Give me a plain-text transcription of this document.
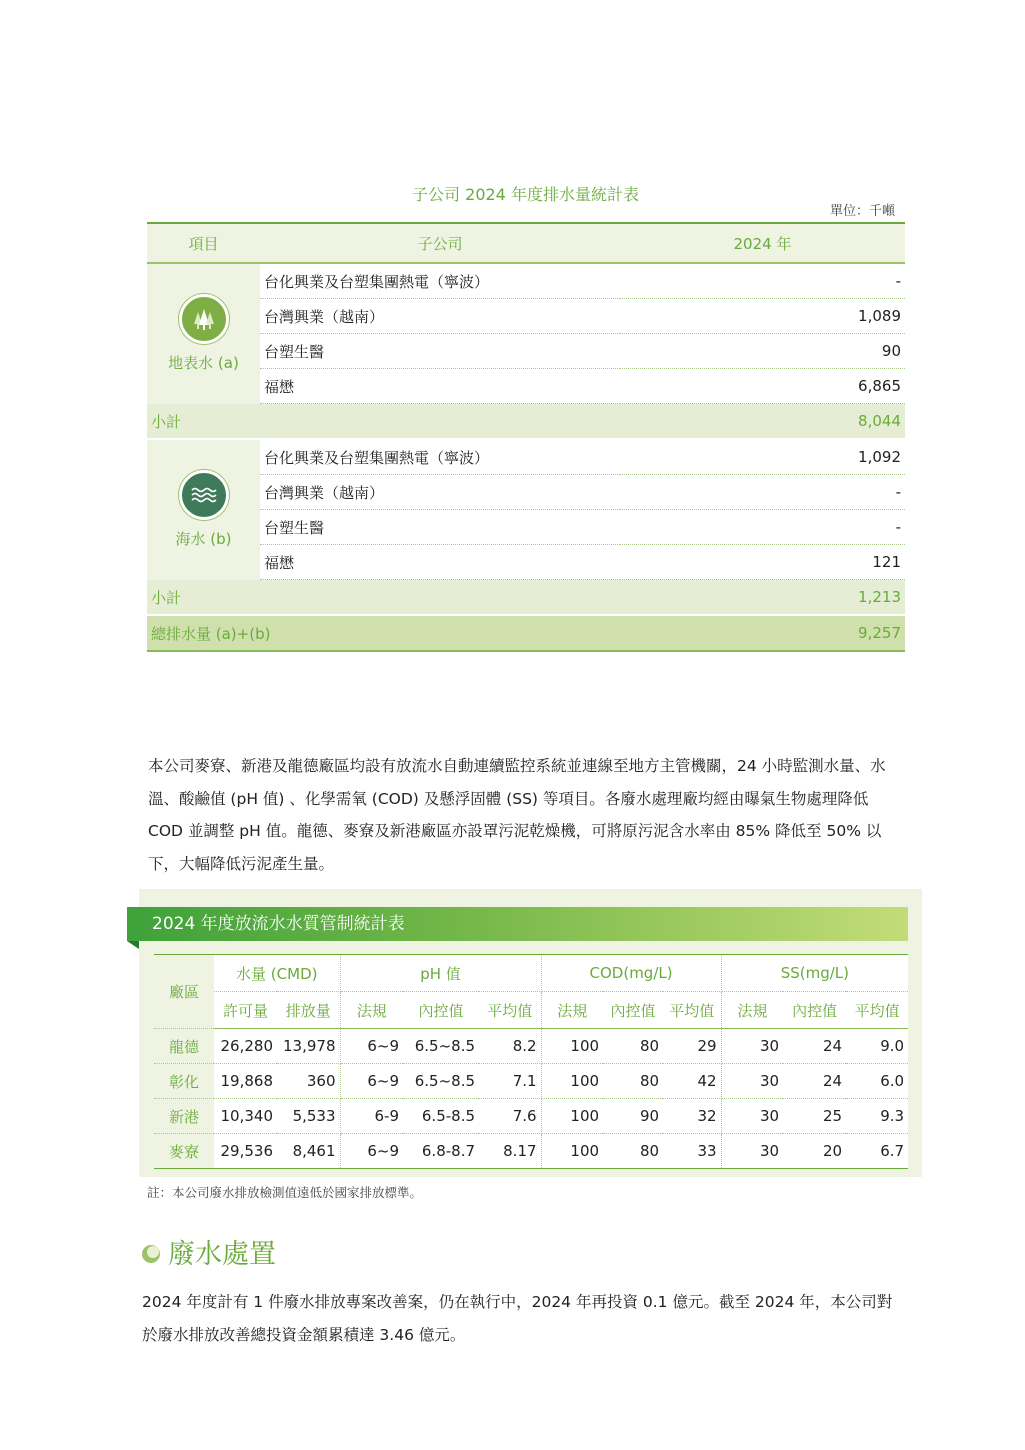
子公司 2024 年度排水量統計表
單位：千噸
項目	子公司	2024 年

地表水 (a)	台化興業及台塑集團熱電（寧波）	-
	台灣興業（越南）	1,089
	台塑生醫	90
	福懋	6,865
小計		8,044

海水 (b)	台化興業及台塑集團熱電（寧波）	1,092
	台灣興業（越南）	-
	台塑生醫	-
	福懋	121
小計		1,213
總排水量 (a)+(b)		9,257
本公司麥寮、新港及龍德廠區均設有放流水自動連續監控系統並連線至地方主管機關，24 小時監測水量、水溫、酸鹼值 (pH 值) 、化學需氧 (COD) 及懸浮固體 (SS) 等項目。各廢水處理廠均經由曝氣生物處理降低 COD 並調整 pH 值。龍德、麥寮及新港廠區亦設罩污泥乾燥機，可將原污泥含水率由 85% 降低至 50% 以下，大幅降低污泥產生量。
2024 年度放流水水質管制統計表
廠區	水量 (CMD)		pH 值			COD(mg/L)			SS(mg/L)		
	許可量	排放量	法規	內控值	平均值	法規	內控值	平均值	法規	內控值	平均值
龍德	26,280	13,978	6~9	6.5~8.5	8.2	100	80	29	30	24	9.0
彰化	19,868	360	6~9	6.5~8.5	7.1	100	80	42	30	24	6.0
新港	10,340	5,533	6-9	6.5-8.5	7.6	100	90	32	30	25	9.3
麥寮	29,536	8,461	6~9	6.8-8.7	8.17	100	80	33	30	20	6.7
註：本公司廢水排放檢測值遠低於國家排放標準。
廢水處置
2024 年度計有 1 件廢水排放專案改善案，仍在執行中，2024 年再投資 0.1 億元。截至 2024 年，本公司對於廢水排放改善總投資金額累積達 3.46 億元。
